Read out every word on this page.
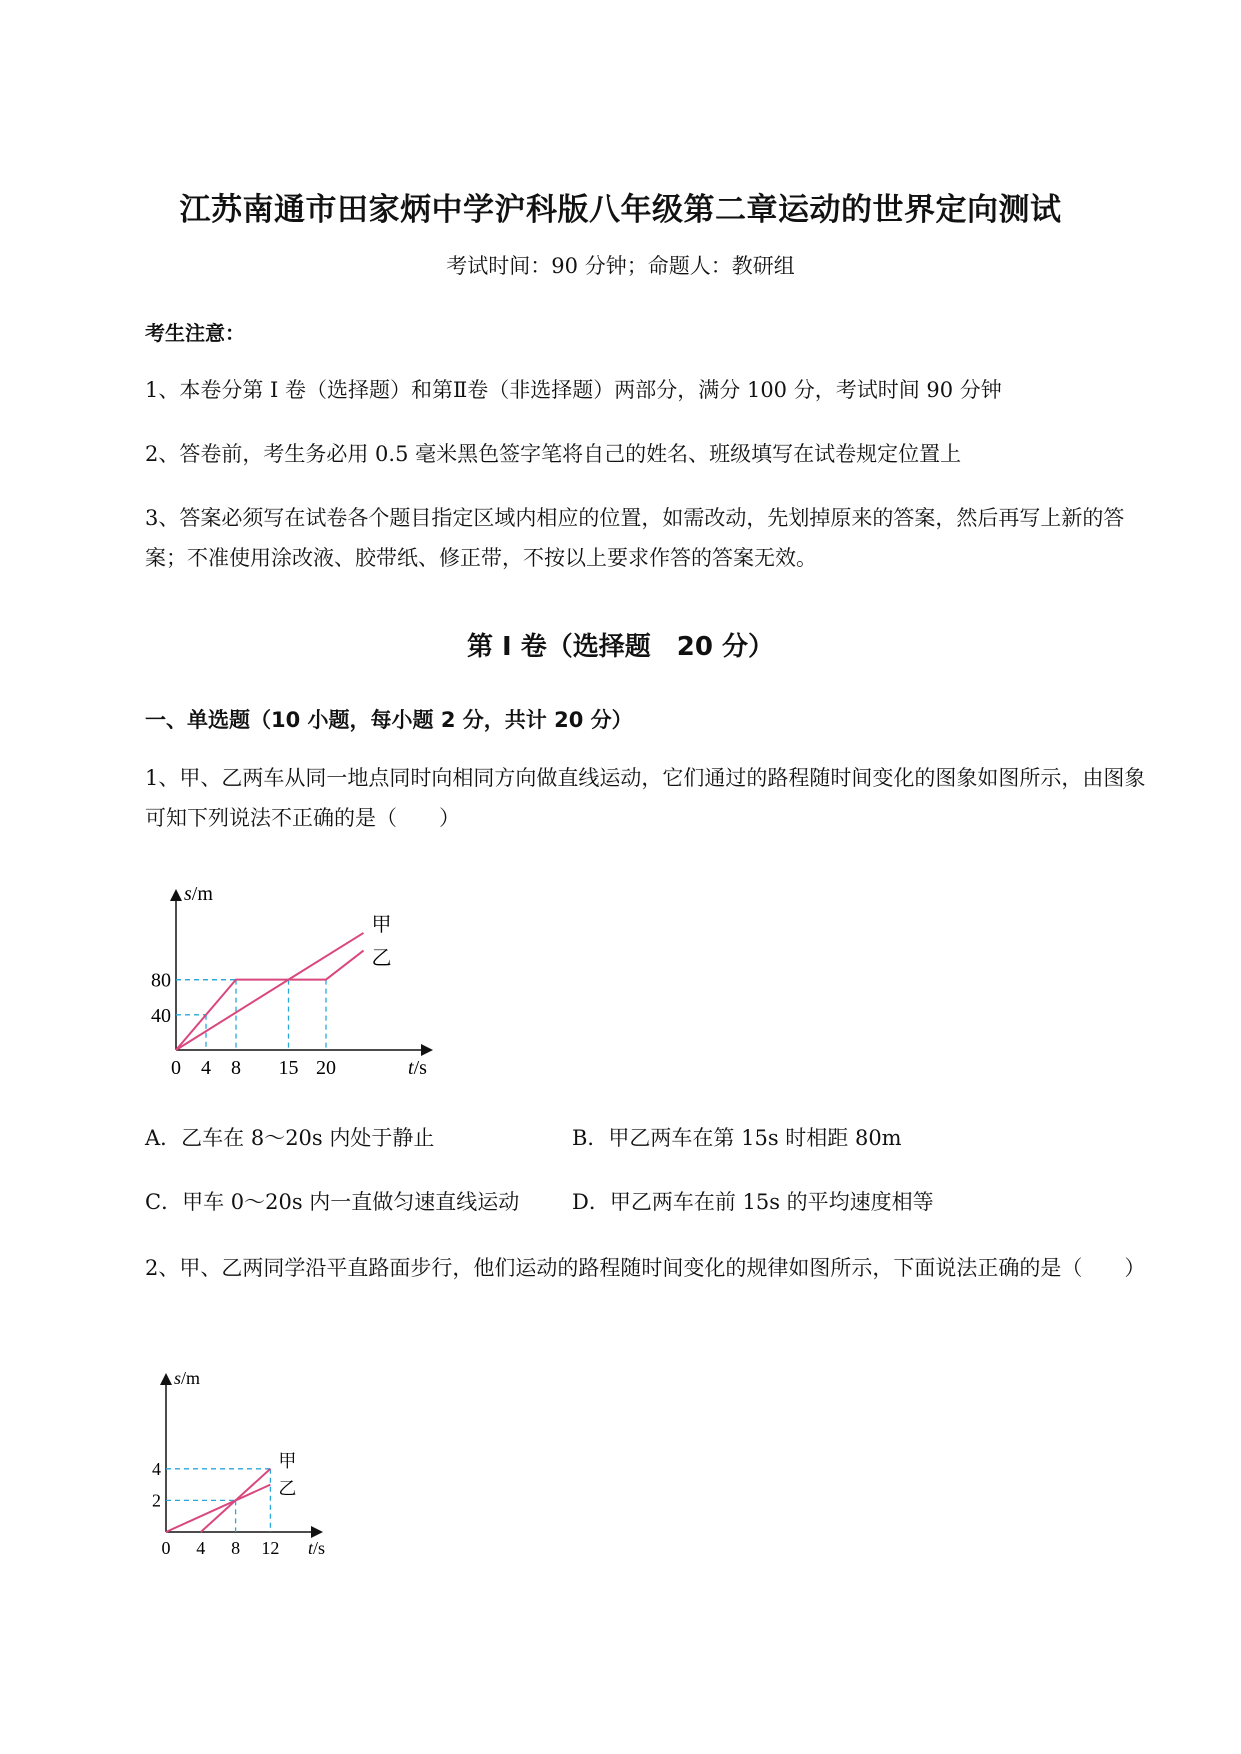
江苏南通市田家炳中学沪科版八年级第二章运动的世界定向测试
考试时间：90 分钟；命题人：教研组
考生注意：
1、本卷分第 I 卷（选择题）和第Ⅱ卷（非选择题）两部分，满分 100 分，考试时间 90 分钟
2、答卷前，考生务必用 0.5 毫米黑色签字笔将自己的姓名、班级填写在试卷规定位置上
3、答案必须写在试卷各个题目指定区域内相应的位置，如需改动，先划掉原来的答案，然后再写上新的答案；不准使用涂改液、胶带纸、修正带，不按以上要求作答的答案无效。
第 I 卷（选择题　20 分）
一、单选题（10 小题，每小题 2 分，共计 20 分）
1、甲、乙两车从同一地点同时向相同方向做直线运动，它们通过的路程随时间变化的图象如图所示，由图象可知下列说法不正确的是（　　）
甲
乙
0 4 8 15 20
40
80
t/s
s/m
A．乙车在 8～20s 内处于静止	B．甲乙两车在第 15s 时相距 80m
C．甲车 0～20s 内一直做匀速直线运动	D．甲乙两车在前 15s 的平均速度相等
2、甲、乙两同学沿平直路面步行，他们运动的路程随时间变化的规律如图所示，下面说法正确的是（　　）
甲
乙
0 4 8 12
2
4
t/s
s/m
